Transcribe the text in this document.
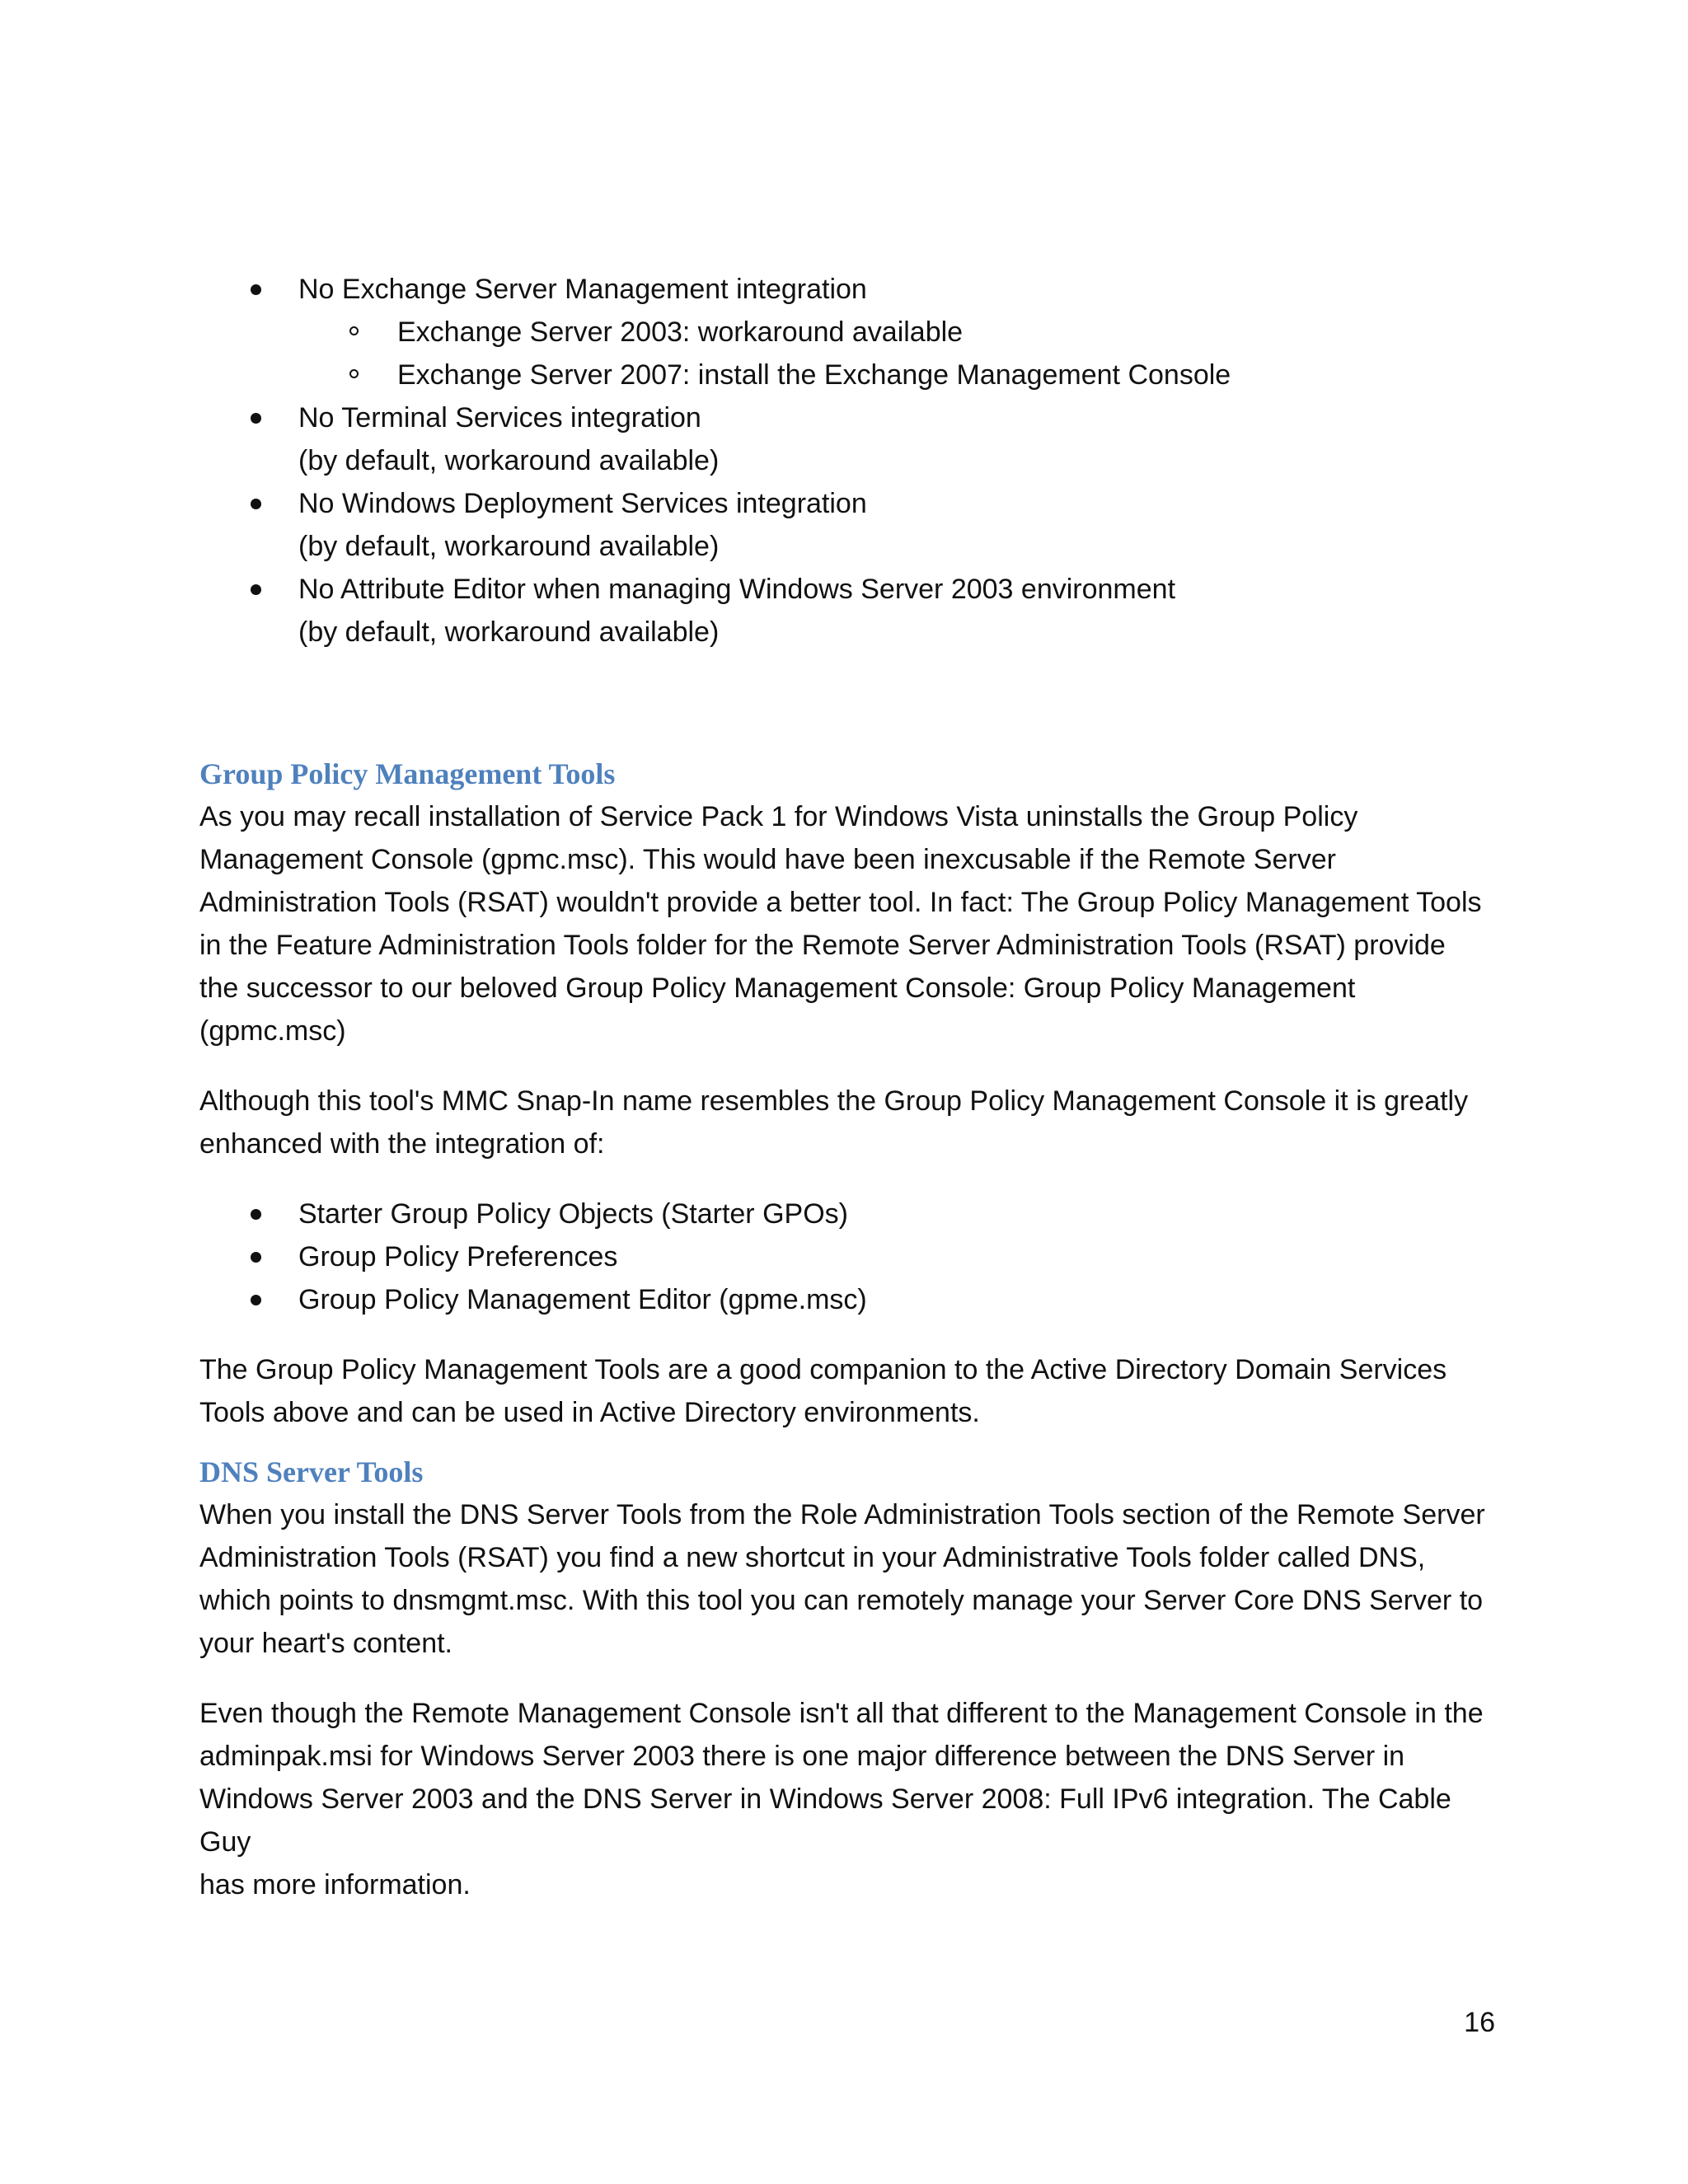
No Exchange Server Management integration
Exchange Server 2003: workaround available
Exchange Server 2007: install the Exchange Management Console
No Terminal Services integration
(by default, workaround available)
No Windows Deployment Services integration
(by default, workaround available)
No Attribute Editor when managing Windows Server 2003 environment
(by default, workaround available)
Group Policy Management Tools

As you may recall installation of Service Pack 1 for Windows Vista uninstalls the Group Policy
Management Console (gpmc.msc). This would have been inexcusable if the Remote Server
Administration Tools (RSAT) wouldn't provide a better tool. In fact: The Group Policy Management Tools
in the Feature Administration Tools folder for the Remote Server Administration Tools (RSAT) provide
the successor to our beloved Group Policy Management Console: Group Policy Management (gpmc.msc)

Although this tool's MMC Snap-In name resembles the Group Policy Management Console it is greatly
enhanced with the integration of:

Starter Group Policy Objects (Starter GPOs)
Group Policy Preferences
Group Policy Management Editor (gpme.msc)

The Group Policy Management Tools are a good companion to the Active Directory Domain Services
Tools above and can be used in Active Directory environments.

DNS Server Tools

When you install the DNS Server Tools from the Role Administration Tools section of the Remote Server
Administration Tools (RSAT) you find a new shortcut in your Administrative Tools folder called DNS,
which points to dnsmgmt.msc. With this tool you can remotely manage your Server Core DNS Server to
your heart's content.

Even though the Remote Management Console isn't all that different to the Management Console in the
adminpak.msi for Windows Server 2003 there is one major difference between the DNS Server in
Windows Server 2003 and the DNS Server in Windows Server 2008: Full IPv6 integration. The Cable Guy
has more information.

16
